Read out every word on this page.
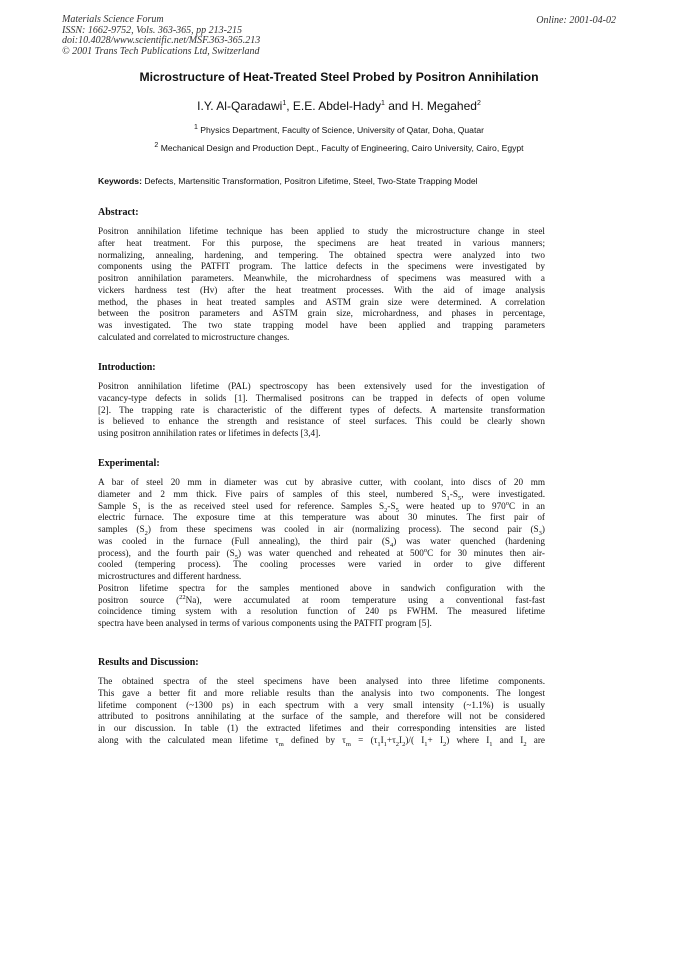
Materials Science Forum
ISSN: 1662-9752, Vols. 363-365, pp 213-215
doi:10.4028/www.scientific.net/MSF.363-365.213
© 2001 Trans Tech Publications Ltd, Switzerland
Online: 2001-04-02
Microstructure of Heat-Treated Steel Probed by Positron Annihilation
I.Y. Al-Qaradawi$^1$, E.E. Abdel-Hady$^1$ and H. Megahed$^2$
$^1$ Physics Department, Faculty of Science, University of Qatar, Doha, Quatar
$^2$ Mechanical Design and Production Dept., Faculty of Engineering, Cairo University, Cairo, Egypt
Keywords: Defects, Martensitic Transformation, Positron Lifetime, Steel, Two-State Trapping Model
Abstract:
Positron annihilation lifetime technique has been applied to study the microstructure change in steel
after heat treatment. For this purpose, the specimens are heat treated in various manners;
normalizing, annealing, hardening, and tempering. The obtained spectra were analyzed into two
components using the PATFIT program. The lattice defects in the specimens were investigated by
positron annihilation parameters. Meanwhile, the microhardness of specimens was measured with a
vickers hardness test (Hv) after the heat treatment processes. With the aid of image analysis
method, the phases in heat treated samples and ASTM grain size were determined. A correlation
between the positron parameters and ASTM grain size, microhardness, and phases in percentage,
was investigated. The two state trapping model have been applied and trapping parameters
calculated and correlated to microstructure changes.
Introduction:
Positron annihilation lifetime (PAL) spectroscopy has been extensively used for the investigation of
vacancy-type defects in solids [1]. Thermalised positrons can be trapped in defects of open volume
[2]. The trapping rate is characteristic of the different types of defects. A martensite transformation
is believed to enhance the strength and resistance of steel surfaces. This could be clearly shown
using positron annihilation rates or lifetimes in defects [3,4].
Experimental:
A bar of steel 20 mm in diameter was cut by abrasive cutter, with coolant, into discs of 20 mm
diameter and 2 mm thick. Five pairs of samples of this steel, numbered $S_1-S_5$, were investigated.
Sample $S_1$ is the as received steel used for reference. Samples $S_2-S_5$ were heated up to 970$^o$C in an
electric furnace. The exposure time at this temperature was about 30 minutes. The first pair of
samples $(S_2)$ from these specimens was cooled in air (normalizing process). The second pair $(S_3)$
was cooled in the furnace (Full annealing), the third pair $(S_4)$ was water quenched (hardening
process), and the fourth pair $(S_5)$ was water quenched and reheated at 500$^o$C for 30 minutes then air-
cooled (tempering process). The cooling processes were varied in order to give different
microstructures and different hardness.
Positron lifetime spectra for the samples mentioned above in sandwich configuration with the
positron source ($^{22}$Na), were accumulated at room temperature using a conventional fast-fast
coincidence timing system with a resolution function of 240 ps FWHM. The measured lifetime
spectra have been analysed in terms of various components using the PATFIT program [5].
Results and Discussion:
The obtained spectra of the steel specimens have been analysed into three lifetime components.
This gave a better fit and more reliable results than the analysis into two components. The longest
lifetime component (~1300 ps) in each spectrum with a very small intensity (~1.1%) is usually
attributed to positrons annihilating at the surface of the sample, and therefore will not be considered
in our discussion. In table (1) the extracted lifetimes and their corresponding intensities are listed
along with the calculated mean lifetime $\tau_m$ defined by $\tau_m = (\tau_1I_1+\tau_2I_2)/$( $I_1+ I_2$) where $I_1$ and $I_2$ are
